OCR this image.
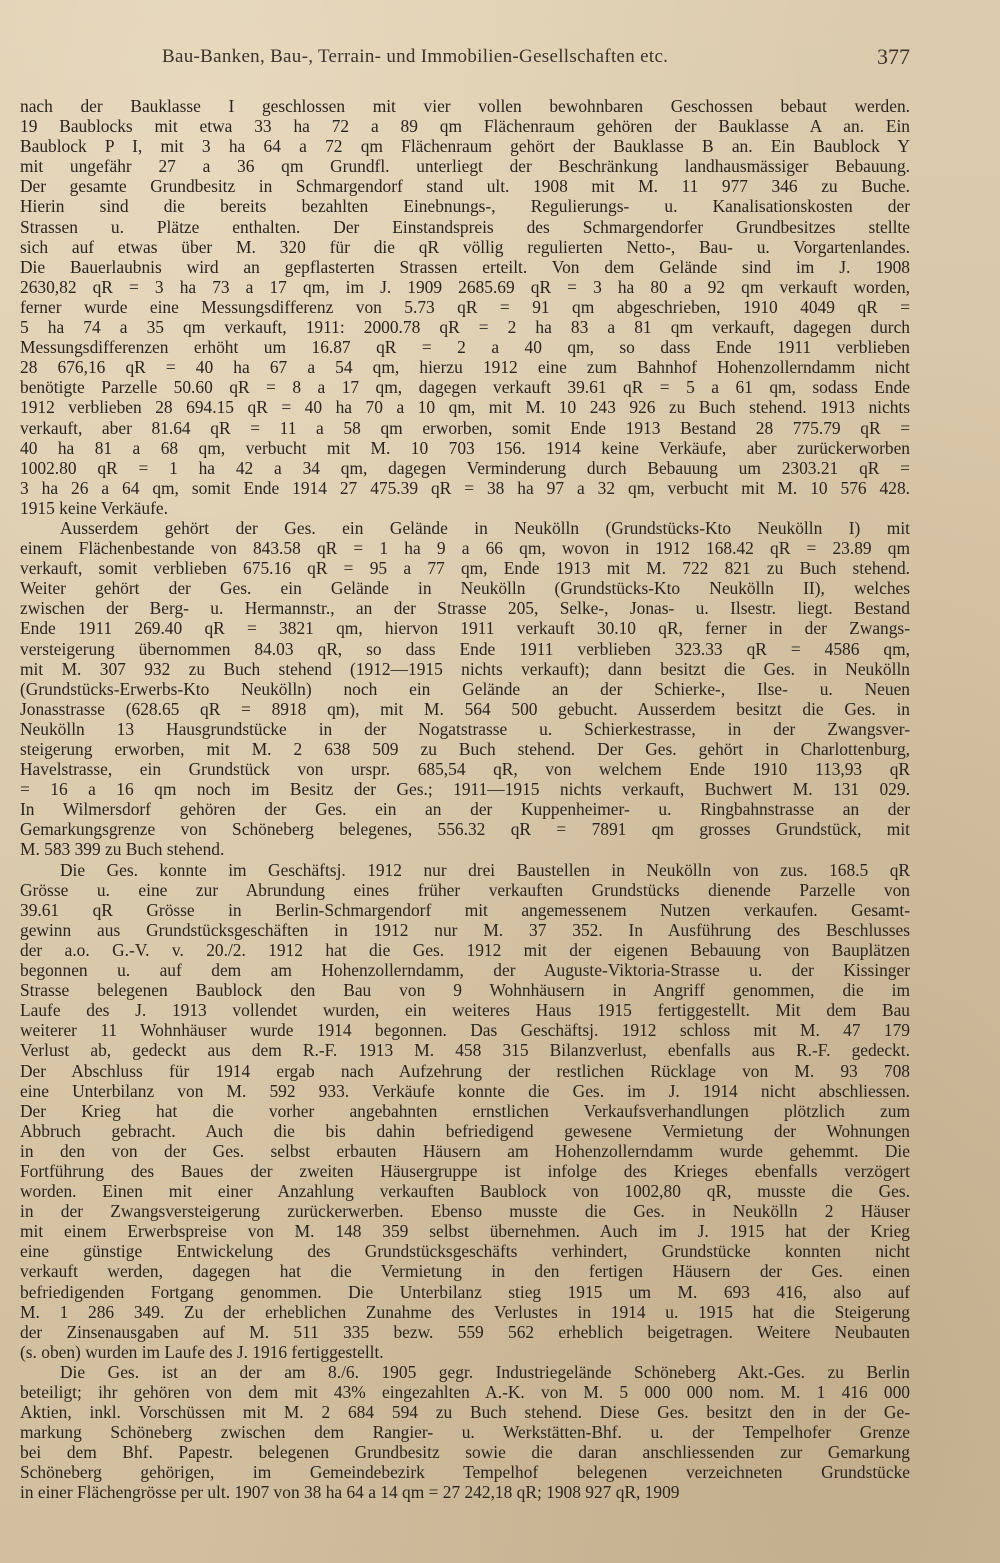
Bau-Banken, Bau-, Terrain- und Immobilien-Gesellschaften etc.	377
nach der Bauklasse I geschlossen mit vier vollen bewohnbaren Geschossen bebaut werden.
19 Baublocks mit etwa 33 ha 72 a 89 qm Flächenraum gehören der Bauklasse A an. Ein
Baublock P I, mit 3 ha 64 a 72 qm Flächenraum gehört der Bauklasse B an. Ein Baublock Y
mit ungefähr 27 a 36 qm Grundfl. unterliegt der Beschränkung landhausmässiger Bebauung.
Der gesamte Grundbesitz in Schmargendorf stand ult. 1908 mit M. 11 977 346 zu Buche.
Hierin sind die bereits bezahlten Einebnungs-, Regulierungs- u. Kanalisationskosten der
Strassen u. Plätze enthalten. Der Einstandspreis des Schmargendorfer Grundbesitzes stellte
sich auf etwas über M. 320 für die qR völlig regulierten Netto-, Bau- u. Vorgartenlandes.
Die Bauerlaubnis wird an gepflasterten Strassen erteilt. Von dem Gelände sind im J. 1908
2630,82 qR = 3 ha 73 a 17 qm, im J. 1909 2685.69 qR = 3 ha 80 a 92 qm verkauft worden,
ferner wurde eine Messungsdifferenz von 5.73 qR = 91 qm abgeschrieben, 1910 4049 qR =
5 ha 74 a 35 qm verkauft, 1911: 2000.78 qR = 2 ha 83 a 81 qm verkauft, dagegen durch
Messungsdifferenzen erhöht um 16.87 qR = 2 a 40 qm, so dass Ende 1911 verblieben
28 676,16 qR = 40 ha 67 a 54 qm, hierzu 1912 eine zum Bahnhof Hohenzollerndamm nicht
benötigte Parzelle 50.60 qR = 8 a 17 qm, dagegen verkauft 39.61 qR = 5 a 61 qm, sodass Ende
1912 verblieben 28 694.15 qR = 40 ha 70 a 10 qm, mit M. 10 243 926 zu Buch stehend. 1913 nichts
verkauft, aber 81.64 qR = 11 a 58 qm erworben, somit Ende 1913 Bestand 28 775.79 qR =
40 ha 81 a 68 qm, verbucht mit M. 10 703 156. 1914 keine Verkäufe, aber zurückerworben
1002.80 qR = 1 ha 42 a 34 qm, dagegen Verminderung durch Bebauung um 2303.21 qR =
3 ha 26 a 64 qm, somit Ende 1914 27 475.39 qR = 38 ha 97 a 32 qm, verbucht mit M. 10 576 428.
1915 keine Verkäufe.
Ausserdem gehört der Ges. ein Gelände in Neukölln (Grundstücks-Kto Neukölln I) mit
einem Flächenbestande von 843.58 qR = 1 ha 9 a 66 qm, wovon in 1912 168.42 qR = 23.89 qm
verkauft, somit verblieben 675.16 qR = 95 a 77 qm, Ende 1913 mit M. 722 821 zu Buch stehend.
Weiter gehört der Ges. ein Gelände in Neukölln (Grundstücks-Kto Neukölln II), welches
zwischen der Berg- u. Hermannstr., an der Strasse 205, Selke-, Jonas- u. Ilsestr. liegt. Bestand
Ende 1911 269.40 qR = 3821 qm, hiervon 1911 verkauft 30.10 qR, ferner in der Zwangs-
versteigerung übernommen 84.03 qR, so dass Ende 1911 verblieben 323.33 qR = 4586 qm,
mit M. 307 932 zu Buch stehend (1912—1915 nichts verkauft); dann besitzt die Ges. in Neukölln
(Grundstücks-Erwerbs-Kto Neukölln) noch ein Gelände an der Schierke-, Ilse- u. Neuen
Jonasstrasse (628.65 qR = 8918 qm), mit M. 564 500 gebucht. Ausserdem besitzt die Ges. in
Neukölln 13 Hausgrundstücke in der Nogatstrasse u. Schierkestrasse, in der Zwangsver-
steigerung erworben, mit M. 2 638 509 zu Buch stehend. Der Ges. gehört in Charlottenburg,
Havelstrasse, ein Grundstück von urspr. 685,54 qR, von welchem Ende 1910 113,93 qR
= 16 a 16 qm noch im Besitz der Ges.; 1911—1915 nichts verkauft, Buchwert M. 131 029.
In Wilmersdorf gehören der Ges. ein an der Kuppenheimer- u. Ringbahnstrasse an der
Gemarkungsgrenze von Schöneberg belegenes, 556.32 qR = 7891 qm grosses Grundstück, mit
M. 583 399 zu Buch stehend.
Die Ges. konnte im Geschäftsj. 1912 nur drei Baustellen in Neukölln von zus. 168.5 qR
Grösse u. eine zur Abrundung eines früher verkauften Grundstücks dienende Parzelle von
39.61 qR Grösse in Berlin-Schmargendorf mit angemessenem Nutzen verkaufen. Gesamt-
gewinn aus Grundstücksgeschäften in 1912 nur M. 37 352. In Ausführung des Beschlusses
der a.o. G.-V. v. 20./2. 1912 hat die Ges. 1912 mit der eigenen Bebauung von Bauplätzen
begonnen u. auf dem am Hohenzollerndamm, der Auguste-Viktoria-Strasse u. der Kissinger
Strasse belegenen Baublock den Bau von 9 Wohnhäusern in Angriff genommen, die im
Laufe des J. 1913 vollendet wurden, ein weiteres Haus 1915 fertiggestellt. Mit dem Bau
weiterer 11 Wohnhäuser wurde 1914 begonnen. Das Geschäftsj. 1912 schloss mit M. 47 179
Verlust ab, gedeckt aus dem R.-F. 1913 M. 458 315 Bilanzverlust, ebenfalls aus R.-F. gedeckt.
Der Abschluss für 1914 ergab nach Aufzehrung der restlichen Rücklage von M. 93 708
eine Unterbilanz von M. 592 933. Verkäufe konnte die Ges. im J. 1914 nicht abschliessen.
Der Krieg hat die vorher angebahnten ernstlichen Verkaufsverhandlungen plötzlich zum
Abbruch gebracht. Auch die bis dahin befriedigend gewesene Vermietung der Wohnungen
in den von der Ges. selbst erbauten Häusern am Hohenzollerndamm wurde gehemmt. Die
Fortführung des Baues der zweiten Häusergruppe ist infolge des Krieges ebenfalls verzögert
worden. Einen mit einer Anzahlung verkauften Baublock von 1002,80 qR, musste die Ges.
in der Zwangsversteigerung zurückerwerben. Ebenso musste die Ges. in Neukölln 2 Häuser
mit einem Erwerbspreise von M. 148 359 selbst übernehmen. Auch im J. 1915 hat der Krieg
eine günstige Entwickelung des Grundstücksgeschäfts verhindert, Grundstücke konnten nicht
verkauft werden, dagegen hat die Vermietung in den fertigen Häusern der Ges. einen
befriedigenden Fortgang genommen. Die Unterbilanz stieg 1915 um M. 693 416, also auf
M. 1 286 349. Zu der erheblichen Zunahme des Verlustes in 1914 u. 1915 hat die Steigerung
der Zinsenausgaben auf M. 511 335 bezw. 559 562 erheblich beigetragen. Weitere Neubauten
(s. oben) wurden im Laufe des J. 1916 fertiggestellt.
Die Ges. ist an der am 8./6. 1905 gegr. Industriegelände Schöneberg Akt.-Ges. zu Berlin
beteiligt; ihr gehören von dem mit 43% eingezahlten A.-K. von M. 5 000 000 nom. M. 1 416 000
Aktien, inkl. Vorschüssen mit M. 2 684 594 zu Buch stehend. Diese Ges. besitzt den in der Ge-
markung Schöneberg zwischen dem Rangier- u. Werkstätten-Bhf. u. der Tempelhofer Grenze
bei dem Bhf. Papestr. belegenen Grundbesitz sowie die daran anschliessenden zur Gemarkung
Schöneberg gehörigen, im Gemeindebezirk Tempelhof belegenen verzeichneten Grundstücke
in einer Flächengrösse per ult. 1907 von 38 ha 64 a 14 qm = 27 242,18 qR; 1908 927 qR, 1909
